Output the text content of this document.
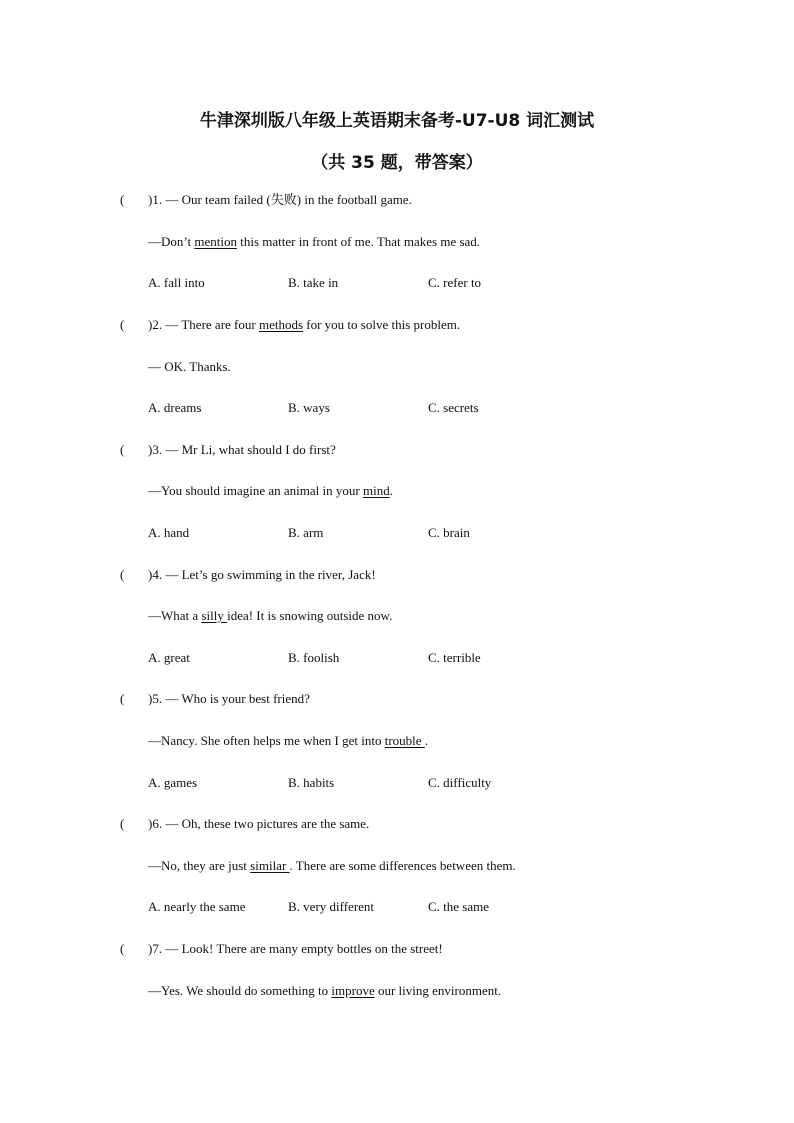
牛津深圳版八年级上英语期末备考-U7-U8 词汇测试
（共 35 题，带答案）
(	)1. — Our team failed (失败) in the football game.
—Don’t mention this matter in front of me. That makes me sad.
A. fall into	B. take in	C. refer to
(	)2. — There are four methods for you to solve this problem.
— OK. Thanks.
A. dreams	B. ways	C. secrets
(	)3. — Mr Li, what should I do first?
—You should imagine an animal in your mind.
A. hand	B. arm	C. brain
(	)4. — Let’s go swimming in the river, Jack!
—What a silly idea! It is snowing outside now.
A. great	B. foolish	C. terrible
(	)5. — Who is your best friend?
—Nancy. She often helps me when I get into trouble .
A. games	B. habits	C. difficulty
(	)6. — Oh, these two pictures are the same.
—No, they are just similar . There are some differences between them.
A. nearly the same	B. very different	C. the same
(	)7. — Look! There are many empty bottles on the street!
—Yes. We should do something to improve our living environment.
